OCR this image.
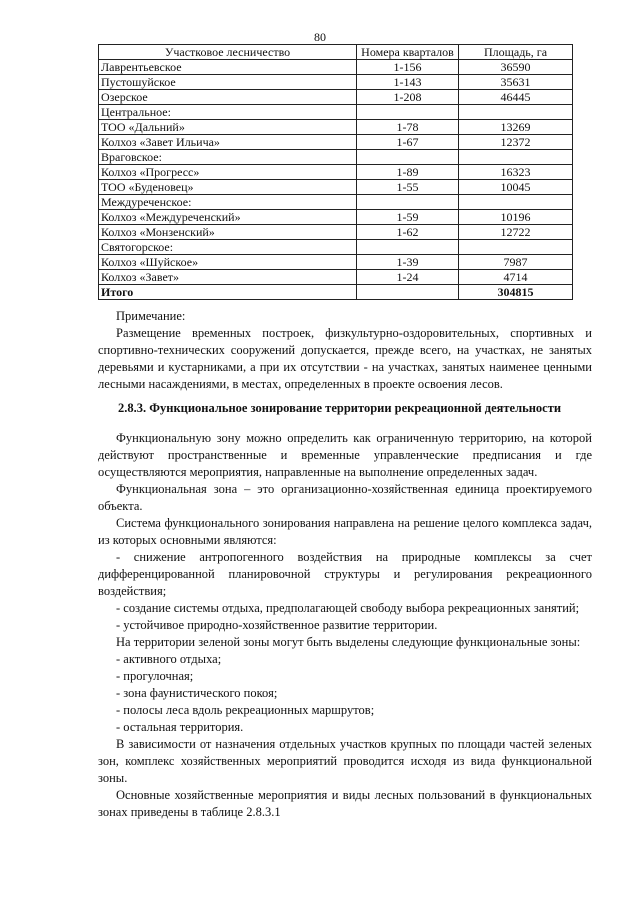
80
Участковое лесничество	Номера кварталов	Площадь, га
Лаврентьевское	1-156	36590
Пустошуйское	1-143	35631
Озерское	1-208	46445
Центральное:		
ТОО «Дальний»	1-78	13269
Колхоз «Завет Ильича»	1-67	12372
Враговское:		
Колхоз «Прогресс»	1-89	16323
ТОО «Буденовец»	1-55	10045
Междуреченское:		
Колхоз «Междуреченский»	1-59	10196
Колхоз «Монзенский»	1-62	12722
Святогорское:		
Колхоз «Шуйское»	1-39	7987
Колхоз «Завет»	1-24	4714
Итого		304815

Примечание:

Размещение временных построек, физкультурно-оздоровительных, спортивных и спортивно-технических сооружений допускается, прежде всего, на участках, не занятых деревьями и кустарниками, а при их отсутствии - на участках, занятых наименее ценными лесными насаждениями, в местах, определенных в проекте освоения лесов.

2.8.3. Функциональное зонирование территории рекреационной деятельности

Функциональную зону можно определить как ограниченную территорию, на которой действуют пространственные и временные управленческие предписания и где осуществляются мероприятия, направленные на выполнение определенных задач.

Функциональная зона – это организационно-хозяйственная единица проектируемого объекта.

Система функционального зонирования направлена на решение целого комплекса задач, из которых основными являются:

- снижение антропогенного воздействия на природные комплексы за счет дифференцированной планировочной структуры и регулирования рекреационного воздействия;

- создание системы отдыха, предполагающей свободу выбора рекреационных занятий;

- устойчивое природно-хозяйственное развитие территории.

На территории зеленой зоны могут быть выделены следующие функциональные зоны:

- активного отдыха;

- прогулочная;

- зона фаунистического покоя;

- полосы леса вдоль рекреационных маршрутов;

- остальная территория.

В зависимости от назначения отдельных участков крупных по площади частей зеленых зон, комплекс хозяйственных мероприятий проводится исходя из вида функциональной зоны.

Основные хозяйственные мероприятия и виды лесных пользований в функциональных зонах приведены в таблице 2.8.3.1
